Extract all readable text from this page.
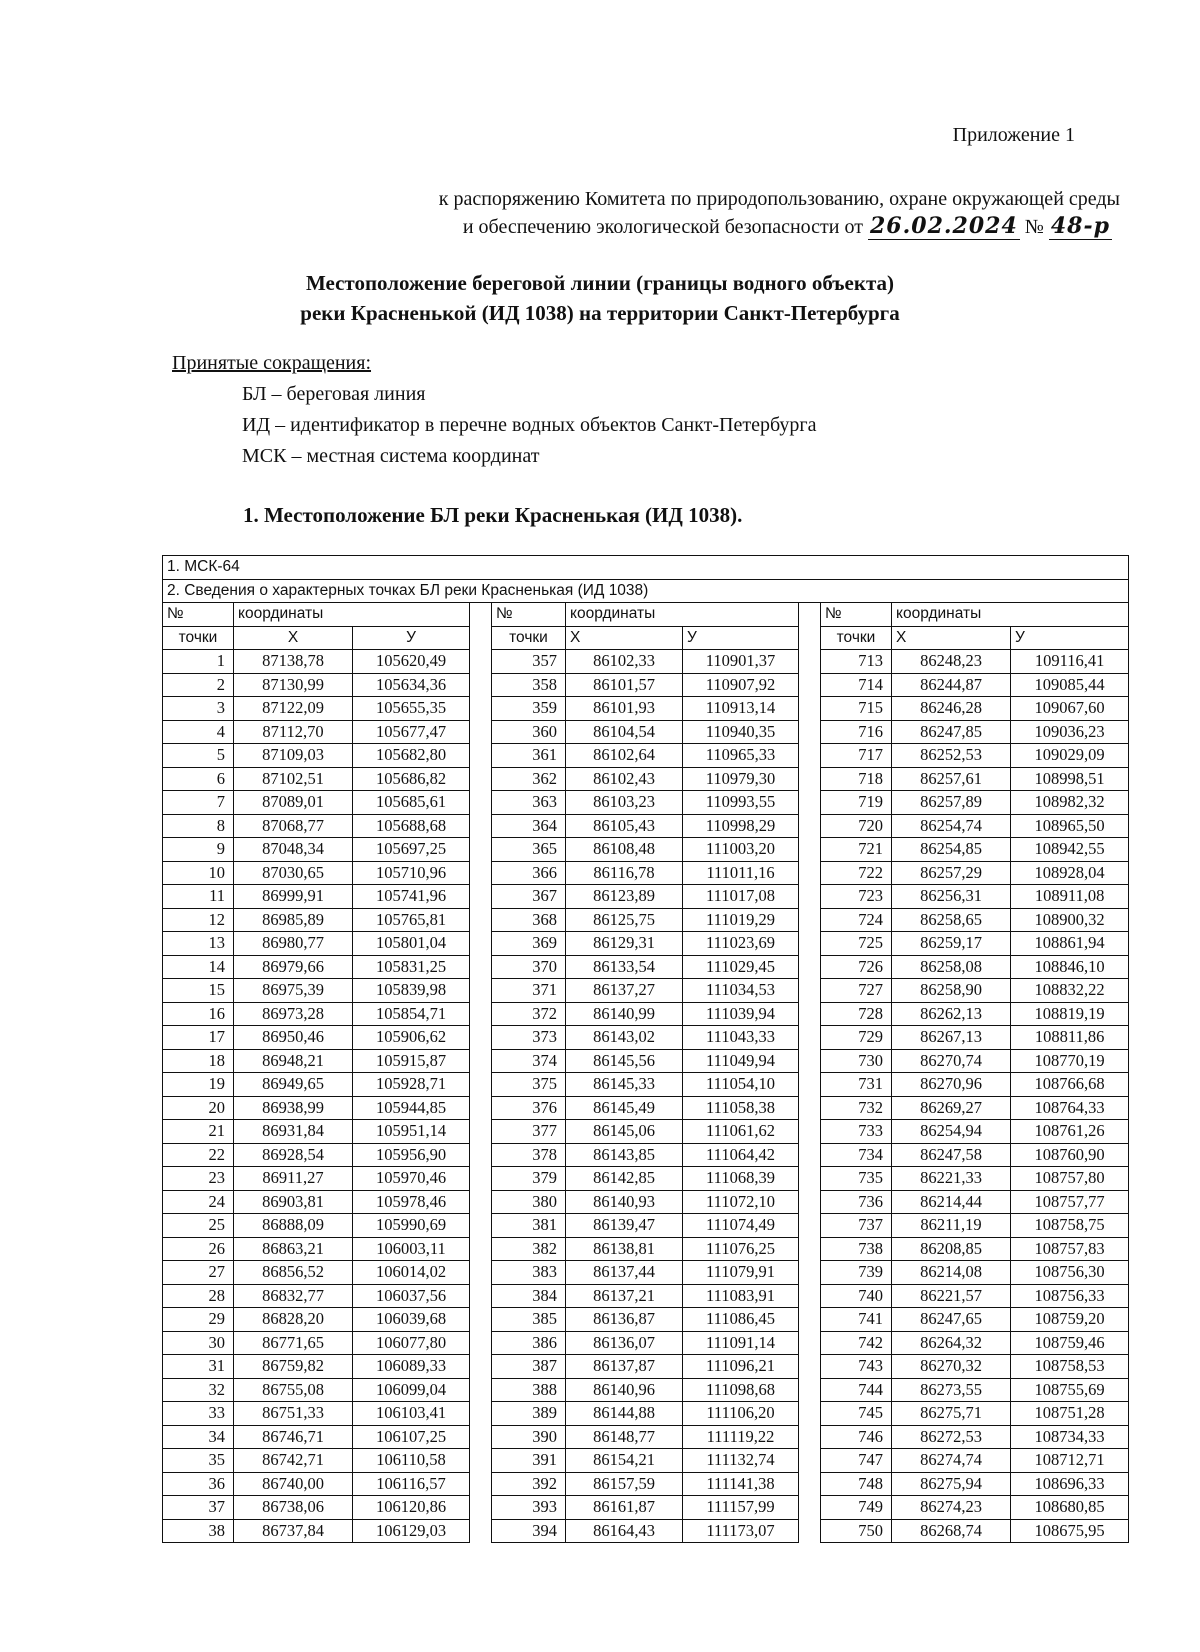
Приложение 1
к распоряжению Комитета по природопользованию, охране окружающей среды

и обеспечению экологической безопасности от 26.02.2024 № 48-р
Местоположение береговой линии (границы водного объекта)
реки Красненькой (ИД 1038) на территории Санкт-Петербурга
Принятые сокращения:
БЛ – береговая линия
ИД – идентификатор в перечне водных объектов Санкт-Петербурга
МСК – местная система координат
1. Местоположение БЛ реки Красненькая (ИД 1038).
1. МСК-64										
2. Сведения о характерных точках БЛ реки Красненькая (ИД 1038)										
№	координаты			№	координаты			№	координаты	
точки	X	У		точки	X	У		точки	X	У
1	87138,78	105620,49		357	86102,33	110901,37		713	86248,23	109116,41
2	87130,99	105634,36		358	86101,57	110907,92		714	86244,87	109085,44
3	87122,09	105655,35		359	86101,93	110913,14		715	86246,28	109067,60
4	87112,70	105677,47		360	86104,54	110940,35		716	86247,85	109036,23
5	87109,03	105682,80		361	86102,64	110965,33		717	86252,53	109029,09
6	87102,51	105686,82		362	86102,43	110979,30		718	86257,61	108998,51
7	87089,01	105685,61		363	86103,23	110993,55		719	86257,89	108982,32
8	87068,77	105688,68		364	86105,43	110998,29		720	86254,74	108965,50
9	87048,34	105697,25		365	86108,48	111003,20		721	86254,85	108942,55
10	87030,65	105710,96		366	86116,78	111011,16		722	86257,29	108928,04
11	86999,91	105741,96		367	86123,89	111017,08		723	86256,31	108911,08
12	86985,89	105765,81		368	86125,75	111019,29		724	86258,65	108900,32
13	86980,77	105801,04		369	86129,31	111023,69		725	86259,17	108861,94
14	86979,66	105831,25		370	86133,54	111029,45		726	86258,08	108846,10
15	86975,39	105839,98		371	86137,27	111034,53		727	86258,90	108832,22
16	86973,28	105854,71		372	86140,99	111039,94		728	86262,13	108819,19
17	86950,46	105906,62		373	86143,02	111043,33		729	86267,13	108811,86
18	86948,21	105915,87		374	86145,56	111049,94		730	86270,74	108770,19
19	86949,65	105928,71		375	86145,33	111054,10		731	86270,96	108766,68
20	86938,99	105944,85		376	86145,49	111058,38		732	86269,27	108764,33
21	86931,84	105951,14		377	86145,06	111061,62		733	86254,94	108761,26
22	86928,54	105956,90		378	86143,85	111064,42		734	86247,58	108760,90
23	86911,27	105970,46		379	86142,85	111068,39		735	86221,33	108757,80
24	86903,81	105978,46		380	86140,93	111072,10		736	86214,44	108757,77
25	86888,09	105990,69		381	86139,47	111074,49		737	86211,19	108758,75
26	86863,21	106003,11		382	86138,81	111076,25		738	86208,85	108757,83
27	86856,52	106014,02		383	86137,44	111079,91		739	86214,08	108756,30
28	86832,77	106037,56		384	86137,21	111083,91		740	86221,57	108756,33
29	86828,20	106039,68		385	86136,87	111086,45		741	86247,65	108759,20
30	86771,65	106077,80		386	86136,07	111091,14		742	86264,32	108759,46
31	86759,82	106089,33		387	86137,87	111096,21		743	86270,32	108758,53
32	86755,08	106099,04		388	86140,96	111098,68		744	86273,55	108755,69
33	86751,33	106103,41		389	86144,88	111106,20		745	86275,71	108751,28
34	86746,71	106107,25		390	86148,77	111119,22		746	86272,53	108734,33
35	86742,71	106110,58		391	86154,21	111132,74		747	86274,74	108712,71
36	86740,00	106116,57		392	86157,59	111141,38		748	86275,94	108696,33
37	86738,06	106120,86		393	86161,87	111157,99		749	86274,23	108680,85
38	86737,84	106129,03		394	86164,43	111173,07		750	86268,74	108675,95
